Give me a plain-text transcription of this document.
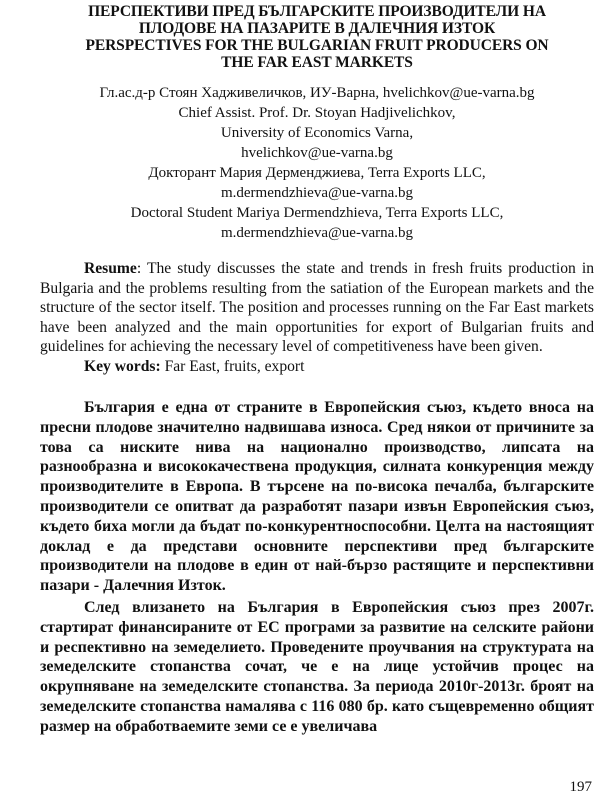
ПЕРСПЕКТИВИ ПРЕД БЪЛГАРСКИТЕ ПРОИЗВОДИТЕЛИ НА
ПЛОДОВЕ НА ПАЗАРИТЕ В ДАЛЕЧНИЯ ИЗТОК
PERSPECTIVES FOR THE BULGARIAN FRUIT PRODUCERS ON
THE FAR EAST MARKETS
Гл.ас.д-р Стоян Хадживеличков, ИУ-Варна, hvelichkov@ue-varna.bg
Chief Assist. Prof. Dr. Stoyan Hadjivelichkov,
University of Economics Varna,
hvelichkov@ue-varna.bg
Докторант Мария Дерменджиева, Terra Exports LLC,
m.dermendzhieva@ue-varna.bg
Doctoral Student Mariya Dermendzhieva, Terra Exports LLC,
m.dermendzhieva@ue-varna.bg

Resume: The study discusses the state and trends in fresh fruits production in Bulgaria and the problems resulting from the satiation of the European markets and the structure of the sector itself. The position and processes running on the Far East markets have been analyzed and the main opportunities for export of Bulgarian fruits and guidelines for achieving the necessary level of competitiveness have been given.

Key words: Far East, fruits, export

България е една от страните в Европейския съюз, където вноса на пресни плодове значително надвишава износа. Сред някои от причините за това са ниските нива на национално производство, липсата на разнообразна и висококачествена продукция, силната конкуренция между производителите в Европа. В търсене на по-висока печалба, българските производители се опитват да разработят пазари извън Европейския съюз, където биха могли да бъдат по-конкурентноспособни. Целта на настоящият доклад е да представи основните перспективи пред българските производители на плодове в един от най-бързо растящите и перспективни пазари - Далечния Изток.

След влизането на България в Европейския съюз през 2007г. стартират финансираните от ЕС програми за развитие на селските райони и респективно на земеделието. Проведените проучвания на структурата на земеделските стопанства сочат, че е на лице устойчив процес на окрупняване на земеделските стопанства. За периода 2010г-2013г. броят на земеделските стопанства намалява с 116 080 бр. като същевременно общият размер на обработваемите земи се е увеличава

197
